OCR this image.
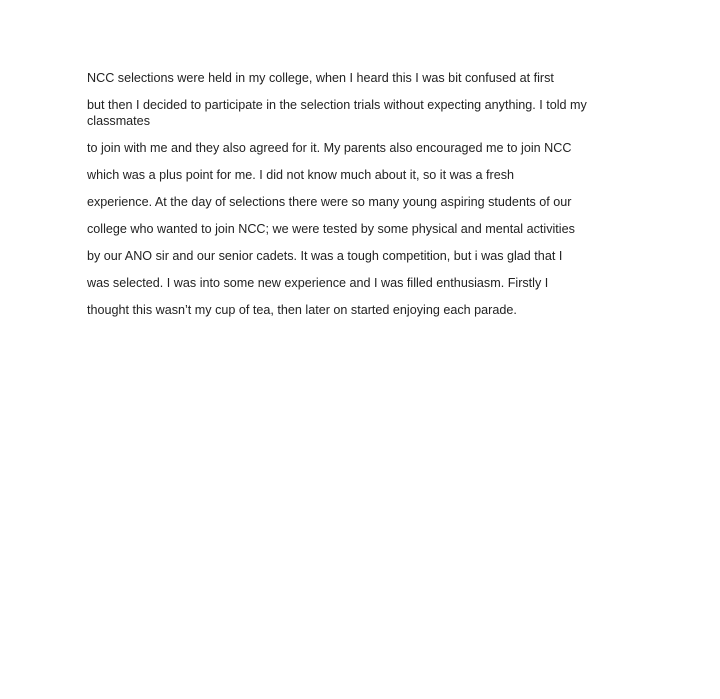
NCC selections were held in my college, when I heard this I was bit confused at first

but then I decided to participate in the selection trials without expecting anything. I told my classmates

to join with me and they also agreed for it. My parents also encouraged me to join NCC

which was a plus point for me. I did not know much about it, so it was a fresh

experience. At the day of selections there were so many young aspiring students of our

college who wanted to join NCC; we were tested by some physical and mental activities

by our ANO sir and our senior cadets. It was a tough competition, but i was glad that I

was selected. I was into some new experience and I was filled enthusiasm. Firstly I

thought this wasn’t my cup of tea, then later on started enjoying each parade.
